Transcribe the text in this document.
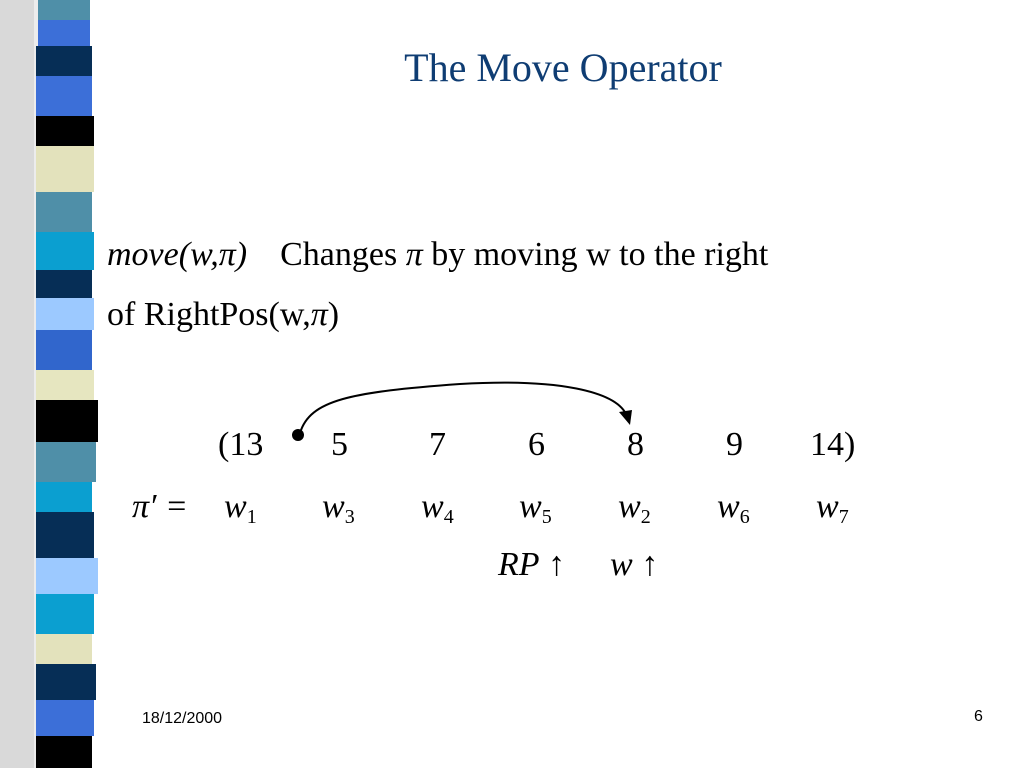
The Move Operator
move(w,π) Changes π by moving w to the right
of RightPos(w,π)
(13 5 7 6 8 9 14)
$\pi' = w_1$ $w_3$ $w_4$ $w_5$ $w_2$ $w_6$ $w_7$
RP ↑ w ↑
18/12/2000	6
